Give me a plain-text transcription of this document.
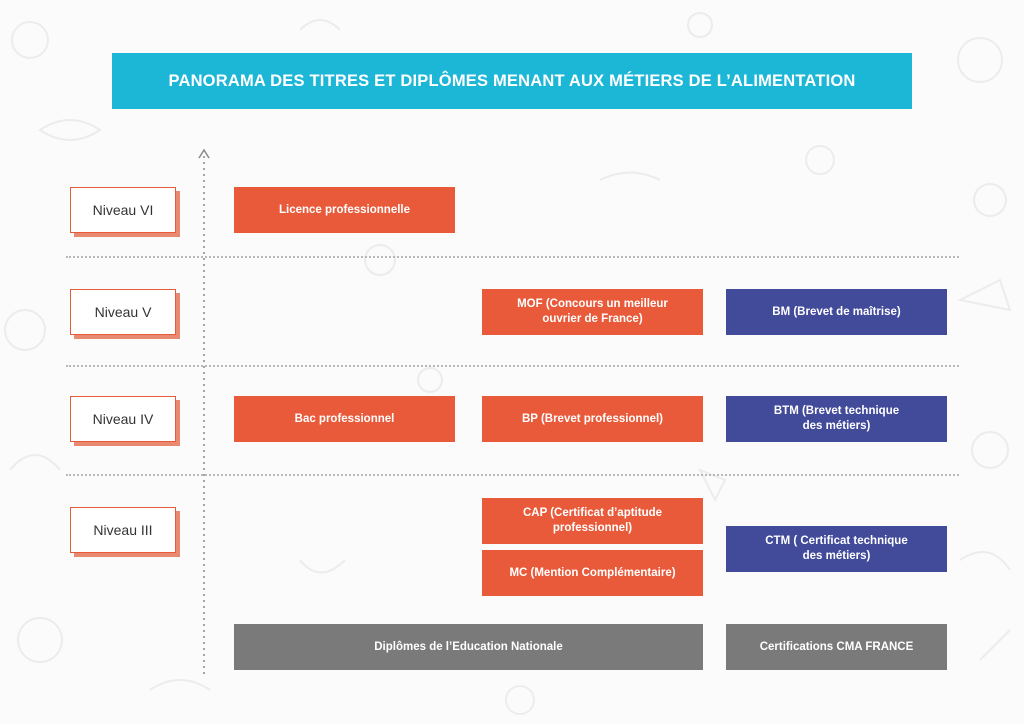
PANORAMA DES TITRES ET DIPLÔMES MENANT AUX MÉTIERS DE L’ALIMENTATION
Niveau VI
Niveau V
Niveau IV
Niveau III
Licence professionnelle
MOF (Concours un meilleur
ouvrier de France)
BM (Brevet de maîtrise)
Bac professionnel	BP (Brevet professionnel)
BTM (Brevet technique
des métiers)
CAP (Certificat d’aptitude
professionnel)
MC (Mention Complémentaire)
CTM ( Certificat technique
des métiers)
Diplômes de l’Education Nationale	Certifications CMA FRANCE
